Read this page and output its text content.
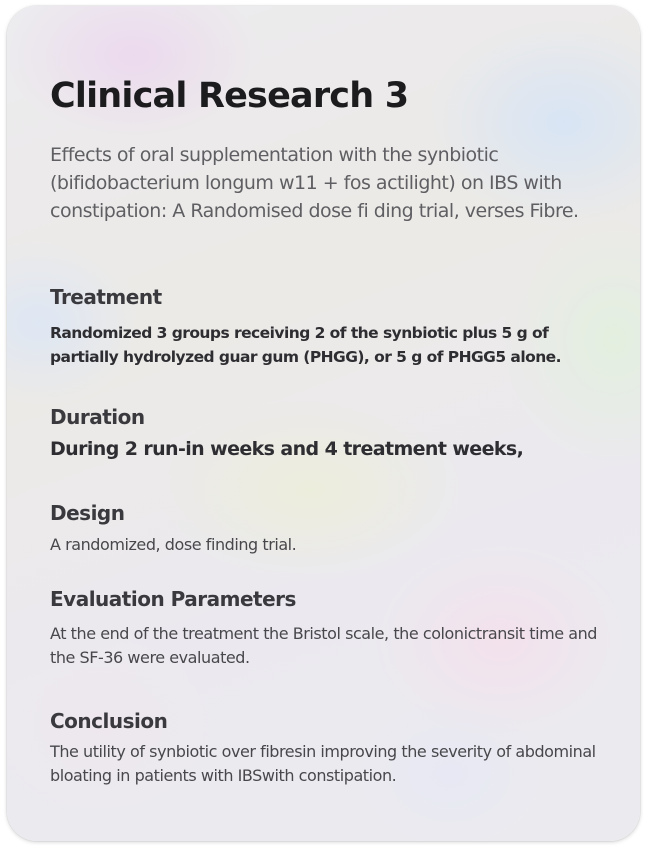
Clinical Research 3

Effects of oral supplementation with the synbiotic (bifidobacterium longum w11 + fos actilight) on IBS with constipation: A Randomised dose fi ding trial, verses Fibre.

Treatment

Randomized 3 groups receiving 2 of the synbiotic plus 5 g of partially hydrolyzed guar gum (PHGG), or 5 g of PHGG5 alone.

Duration

During 2 run-in weeks and 4 treatment weeks,

Design

A randomized, dose finding trial.

Evaluation Parameters

At the end of the treatment the Bristol scale, the colonictransit time and the SF-36 were evaluated.

Conclusion

The utility of synbiotic over fibresin improving the severity of abdominal bloating in patients with IBSwith constipation.
